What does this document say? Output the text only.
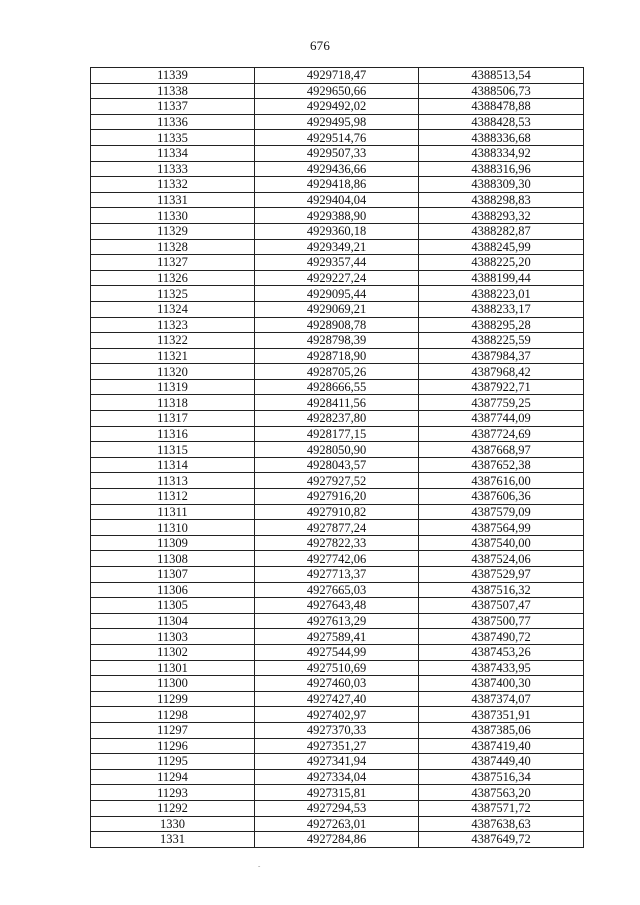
676
11339	4929718,47	4388513,54
11338	4929650,66	4388506,73
11337	4929492,02	4388478,88
11336	4929495,98	4388428,53
11335	4929514,76	4388336,68
11334	4929507,33	4388334,92
11333	4929436,66	4388316,96
11332	4929418,86	4388309,30
11331	4929404,04	4388298,83
11330	4929388,90	4388293,32
11329	4929360,18	4388282,87
11328	4929349,21	4388245,99
11327	4929357,44	4388225,20
11326	4929227,24	4388199,44
11325	4929095,44	4388223,01
11324	4929069,21	4388233,17
11323	4928908,78	4388295,28
11322	4928798,39	4388225,59
11321	4928718,90	4387984,37
11320	4928705,26	4387968,42
11319	4928666,55	4387922,71
11318	4928411,56	4387759,25
11317	4928237,80	4387744,09
11316	4928177,15	4387724,69
11315	4928050,90	4387668,97
11314	4928043,57	4387652,38
11313	4927927,52	4387616,00
11312	4927916,20	4387606,36
11311	4927910,82	4387579,09
11310	4927877,24	4387564,99
11309	4927822,33	4387540,00
11308	4927742,06	4387524,06
11307	4927713,37	4387529,97
11306	4927665,03	4387516,32
11305	4927643,48	4387507,47
11304	4927613,29	4387500,77
11303	4927589,41	4387490,72
11302	4927544,99	4387453,26
11301	4927510,69	4387433,95
11300	4927460,03	4387400,30
11299	4927427,40	4387374,07
11298	4927402,97	4387351,91
11297	4927370,33	4387385,06
11296	4927351,27	4387419,40
11295	4927341,94	4387449,40
11294	4927334,04	4387516,34
11293	4927315,81	4387563,20
11292	4927294,53	4387571,72
1330	4927263,01	4387638,63
1331	4927284,86	4387649,72
-
